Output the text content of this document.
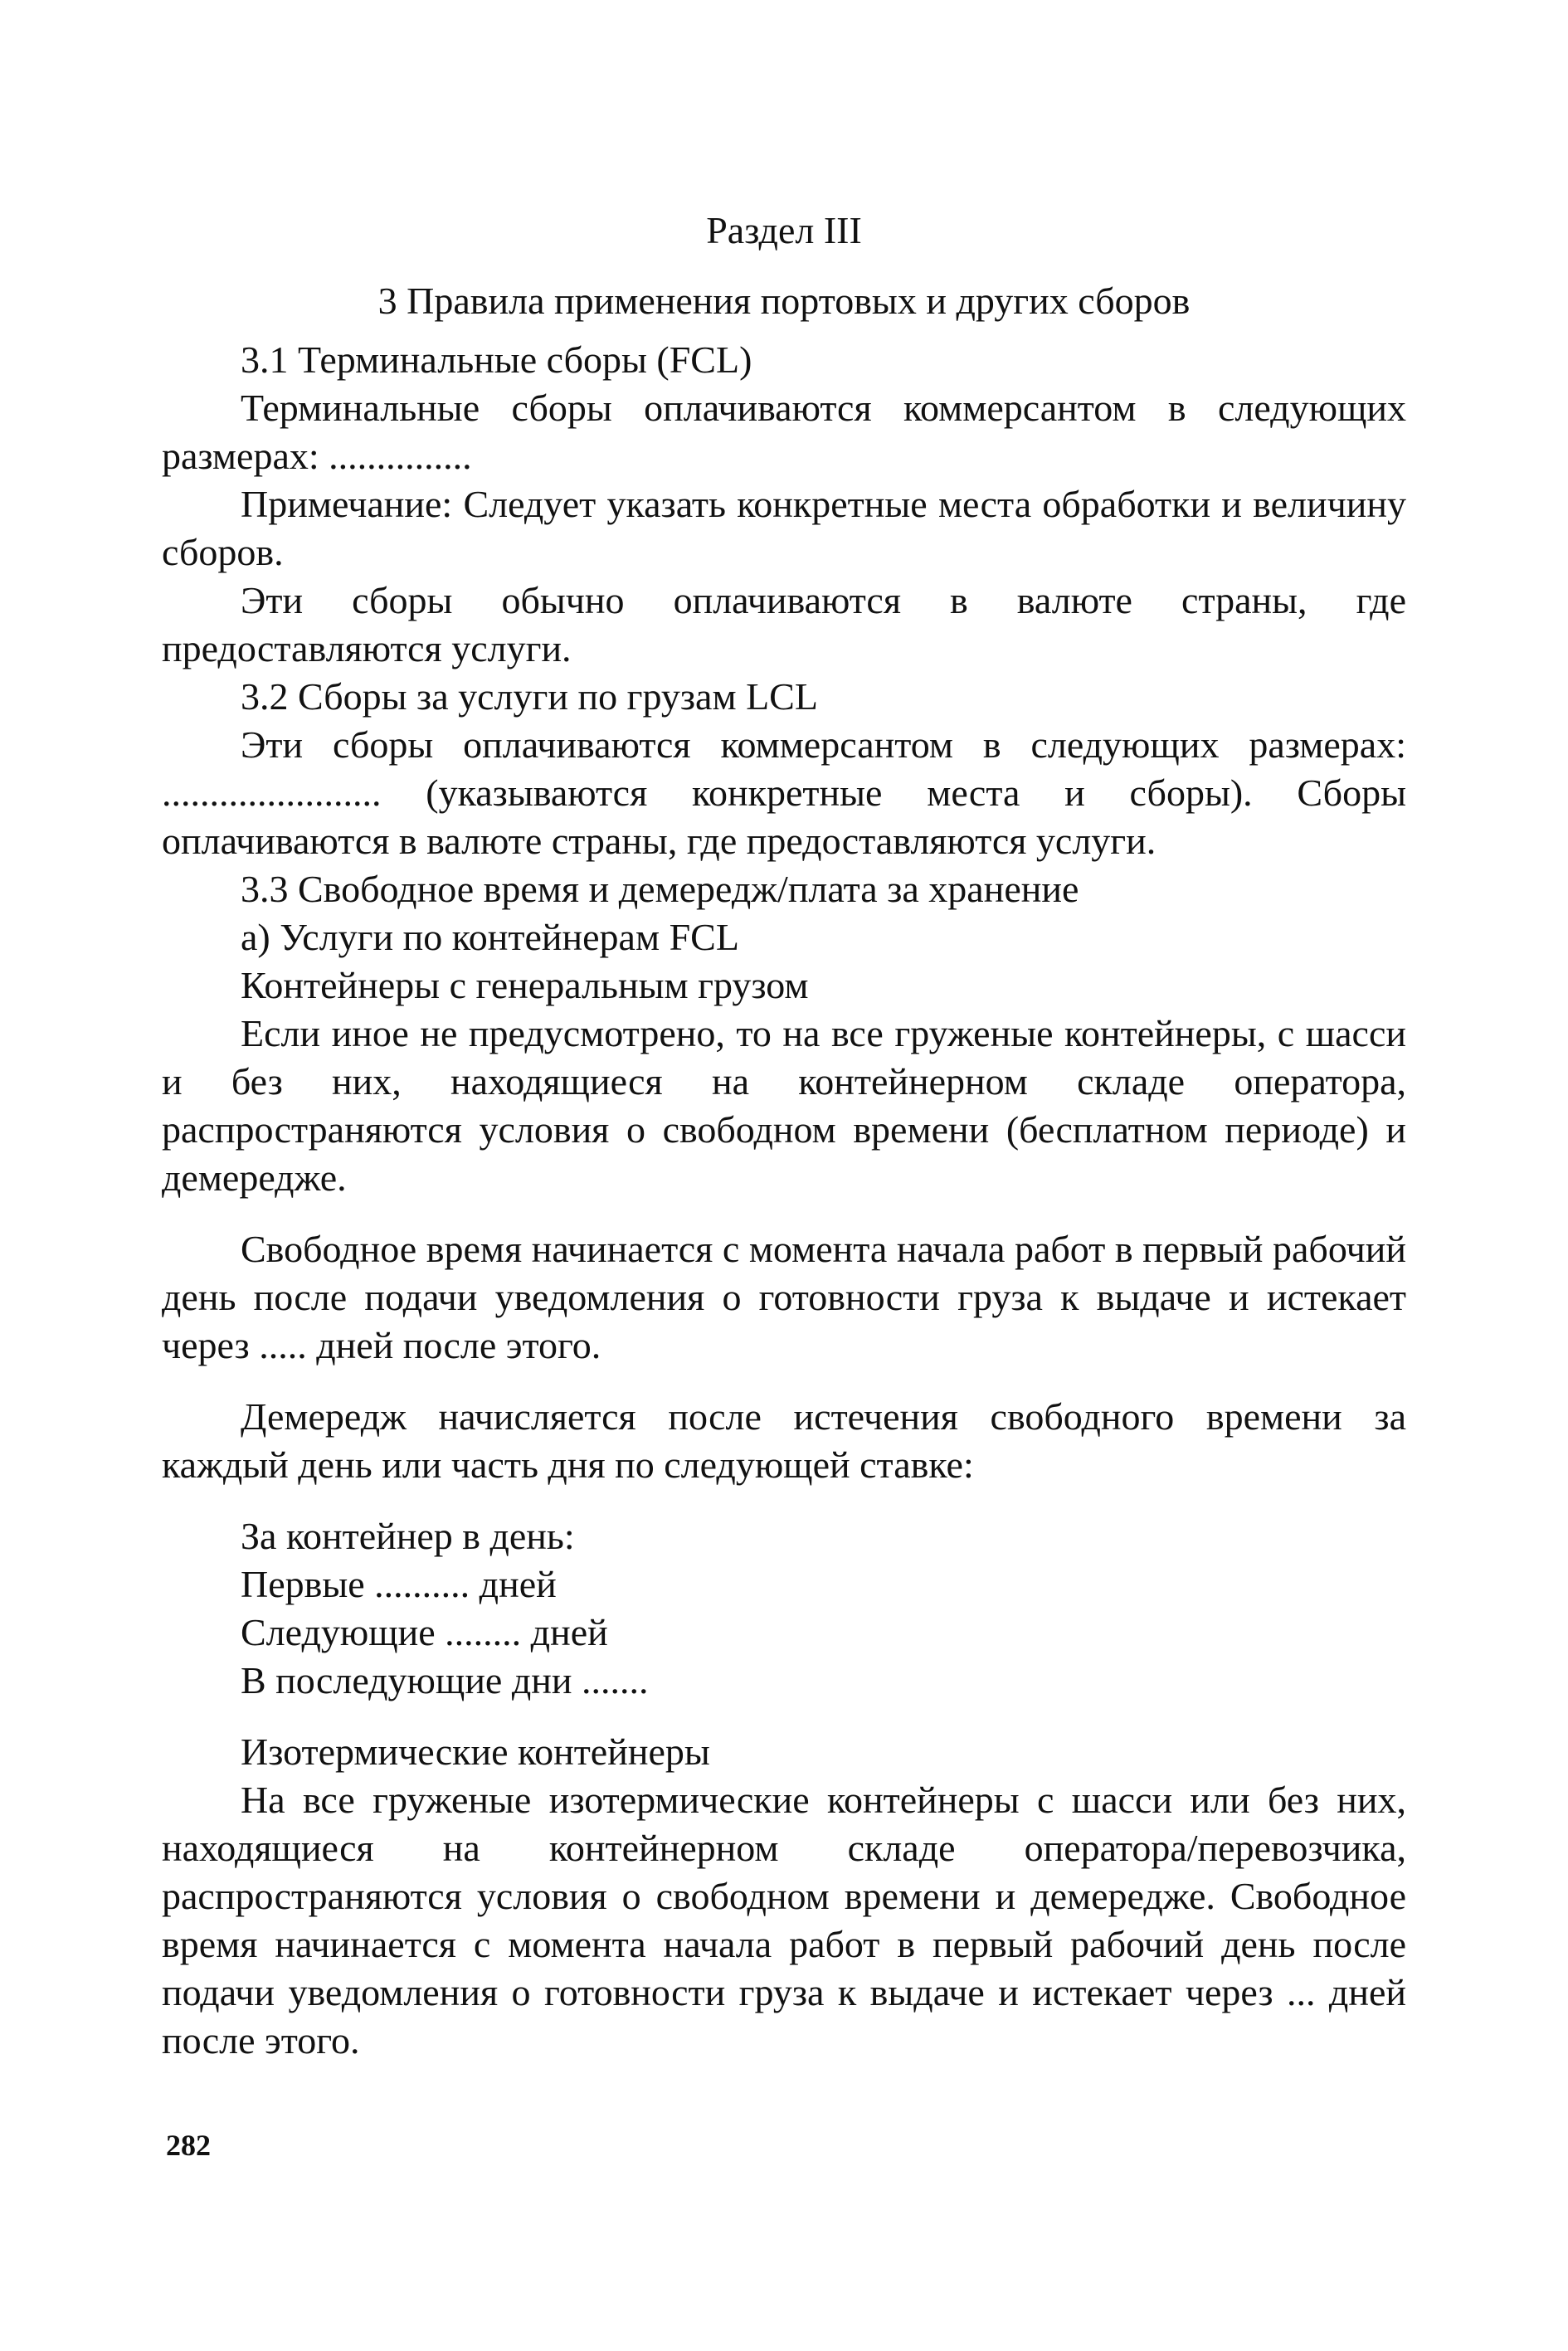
Раздел III
3 Правила применения портовых и других сборов

3.1 Терминальные сборы (FCL)

Терминальные сборы оплачиваются коммерсантом в следующих размерах: ...............

Примечание: Следует указать конкретные места обработки и величину сборов.

Эти сборы обычно оплачиваются в валюте страны, где предоставляются услуги.

3.2 Сборы за услуги по грузам LCL

Эти сборы оплачиваются коммерсантом в следующих размерах: ....................... (указываются конкретные места и сборы). Сборы оплачиваются в валюте страны, где предоставляются услуги.

3.3 Свободное время и демередж/плата за хранение

а) Услуги по контейнерам FCL

Контейнеры с генеральным грузом

Если иное не предусмотрено, то на все груженые контейнеры, с шасси и без них, находящиеся на контейнерном складе оператора, распространяются условия о свободном времени (бесплатном периоде) и демередже.

Свободное время начинается с момента начала работ в первый рабочий день после подачи уведомления о готовности груза к выдаче и истекает через ..... дней после этого.

Демередж начисляется после истечения свободного времени за каждый день или часть дня по следующей ставке:

За контейнер в день:

Первые .......... дней

Следующие ........ дней

В последующие дни .......

Изотермические контейнеры

На все груженые изотермические контейнеры с шасси или без них, находящиеся на контейнерном складе оператора/перевозчика, распространяются условия о свободном времени и демередже. Свободное время начинается с момента начала работ в первый рабочий день после подачи уведомления о готовности груза к выдаче и истекает через ... дней после этого.

282
